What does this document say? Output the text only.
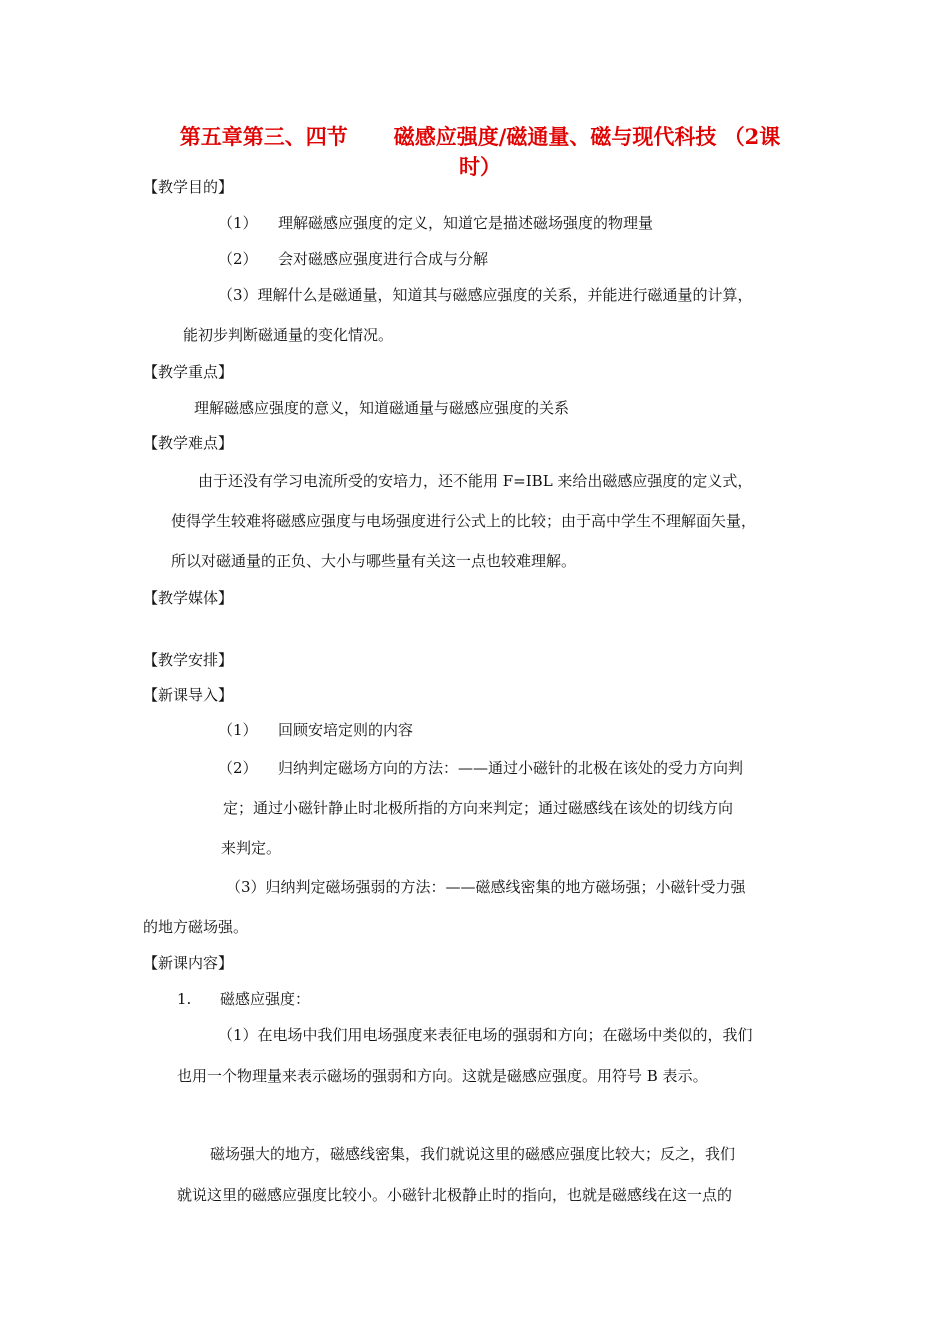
第五章第三、四节 磁感应强度/磁通量、磁与现代科技 （2课
时）
【教学目的】
（1） 理解磁感应强度的定义，知道它是描述磁场强度的物理量
（2） 会对磁感应强度进行合成与分解
（3）理解什么是磁通量，知道其与磁感应强度的关系，并能进行磁通量的计算，
能初步判断磁通量的变化情况。
【教学重点】
理解磁感应强度的意义，知道磁通量与磁感应强度的关系
【教学难点】
由于还没有学习电流所受的安培力，还不能用 F=IBL 来给出磁感应强度的定义式，
使得学生较难将磁感应强度与电场强度进行公式上的比较；由于高中学生不理解面矢量，
所以对磁通量的正负、大小与哪些量有关这一点也较难理解。
【教学媒体】
【教学安排】
【新课导入】
（1） 回顾安培定则的内容
（2） 归纳判定磁场方向的方法：——通过小磁针的北极在该处的受力方向判
定；通过小磁针静止时北极所指的方向来判定；通过磁感线在该处的切线方向
来判定。
（3）归纳判定磁场强弱的方法：——磁感线密集的地方磁场强；小磁针受力强
的地方磁场强。
【新课内容】
1. 磁感应强度：
（1）在电场中我们用电场强度来表征电场的强弱和方向；在磁场中类似的，我们
也用一个物理量来表示磁场的强弱和方向。这就是磁感应强度。用符号 B 表示。
磁场强大的地方，磁感线密集，我们就说这里的磁感应强度比较大；反之，我们
就说这里的磁感应强度比较小。小磁针北极静止时的指向，也就是磁感线在这一点的
